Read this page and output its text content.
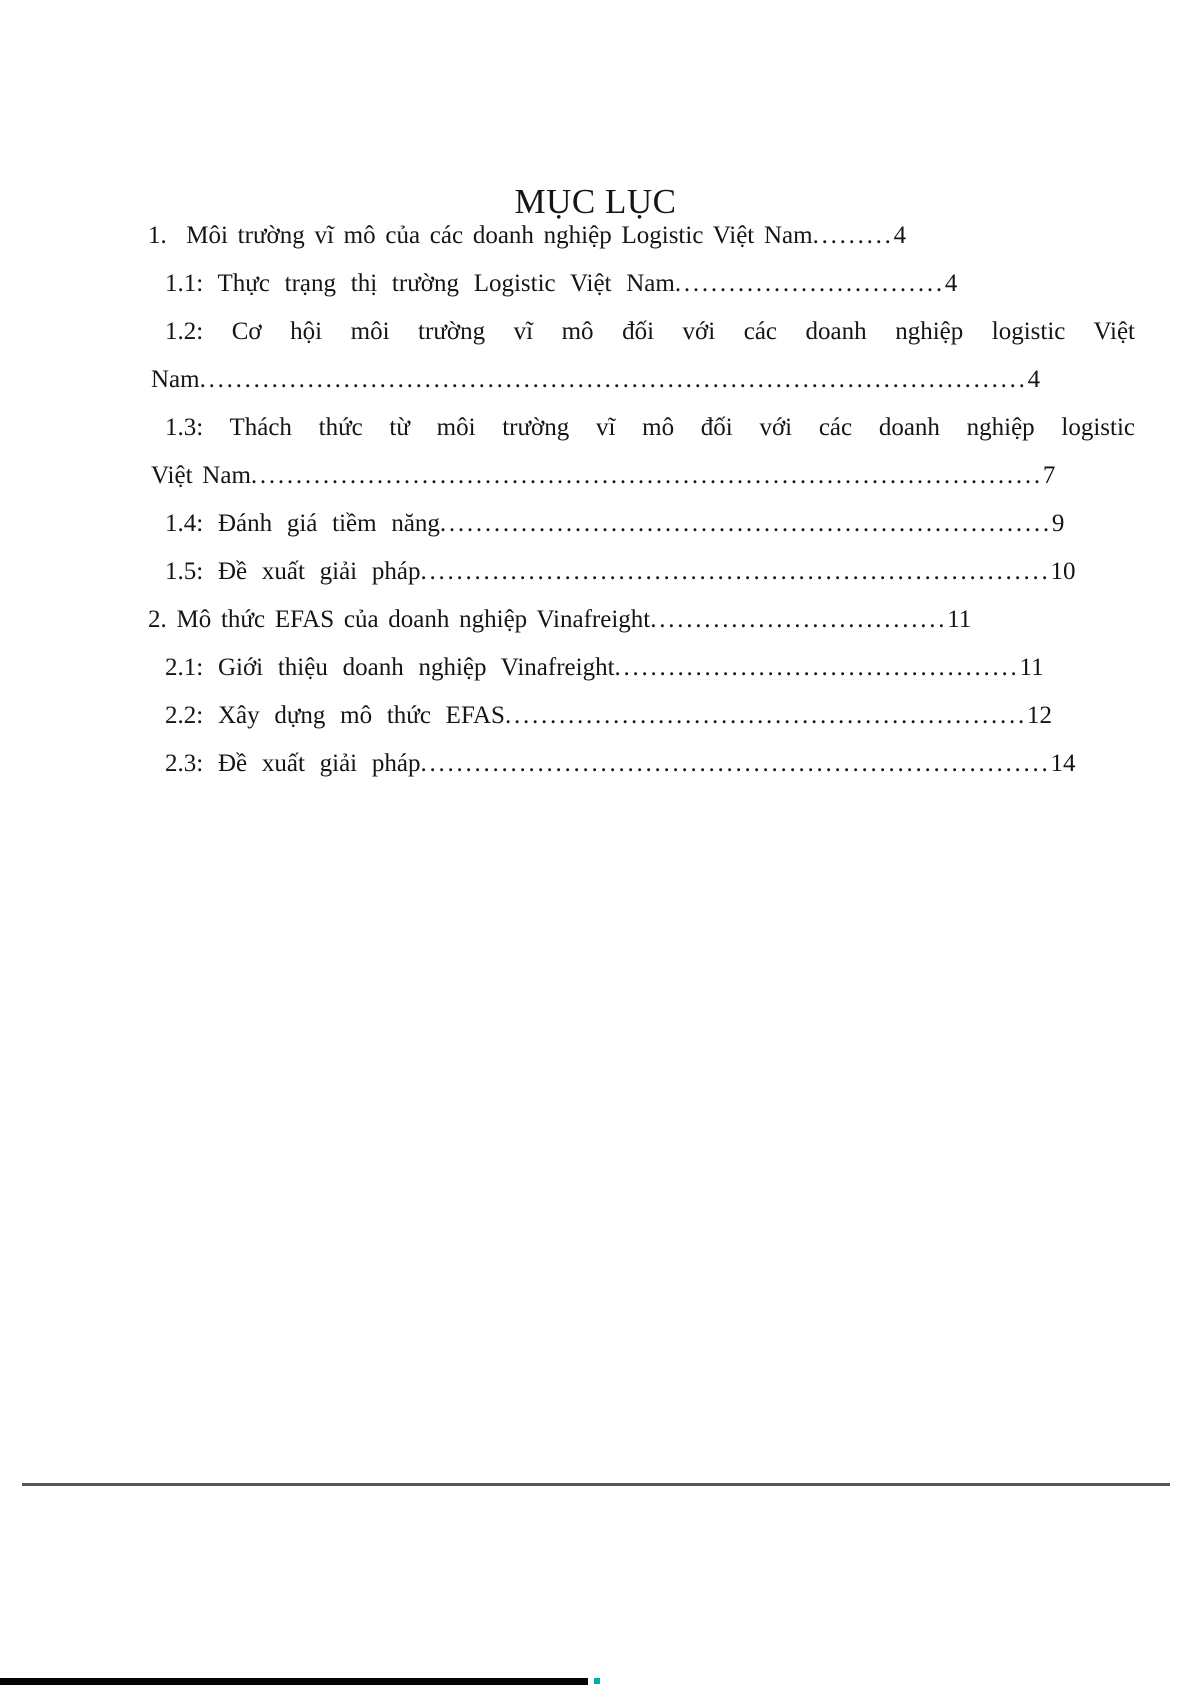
MỤC LỤC
1.  Môi trường vĩ mô của các doanh nghiệp Logistic Việt Nam.........4
1.1: Thực trạng thị trường Logistic Việt Nam..............................4
1.2: Cơ hội môi trường vĩ mô đối với các doanh nghiệp logistic Việt
Nam............................................................................................4
1.3: Thách thức từ môi trường vĩ mô đối với các doanh nghiệp logistic
Việt Nam........................................................................................7
1.4: Đánh giá tiềm năng....................................................................9
1.5: Đề xuất giải pháp......................................................................10
2. Mô thức EFAS của doanh nghiệp Vinafreight.................................11
2.1: Giới thiệu doanh nghiệp Vinafreight.............................................11
2.2: Xây dựng mô thức EFAS..........................................................12
2.3: Đề xuất giải pháp......................................................................14
